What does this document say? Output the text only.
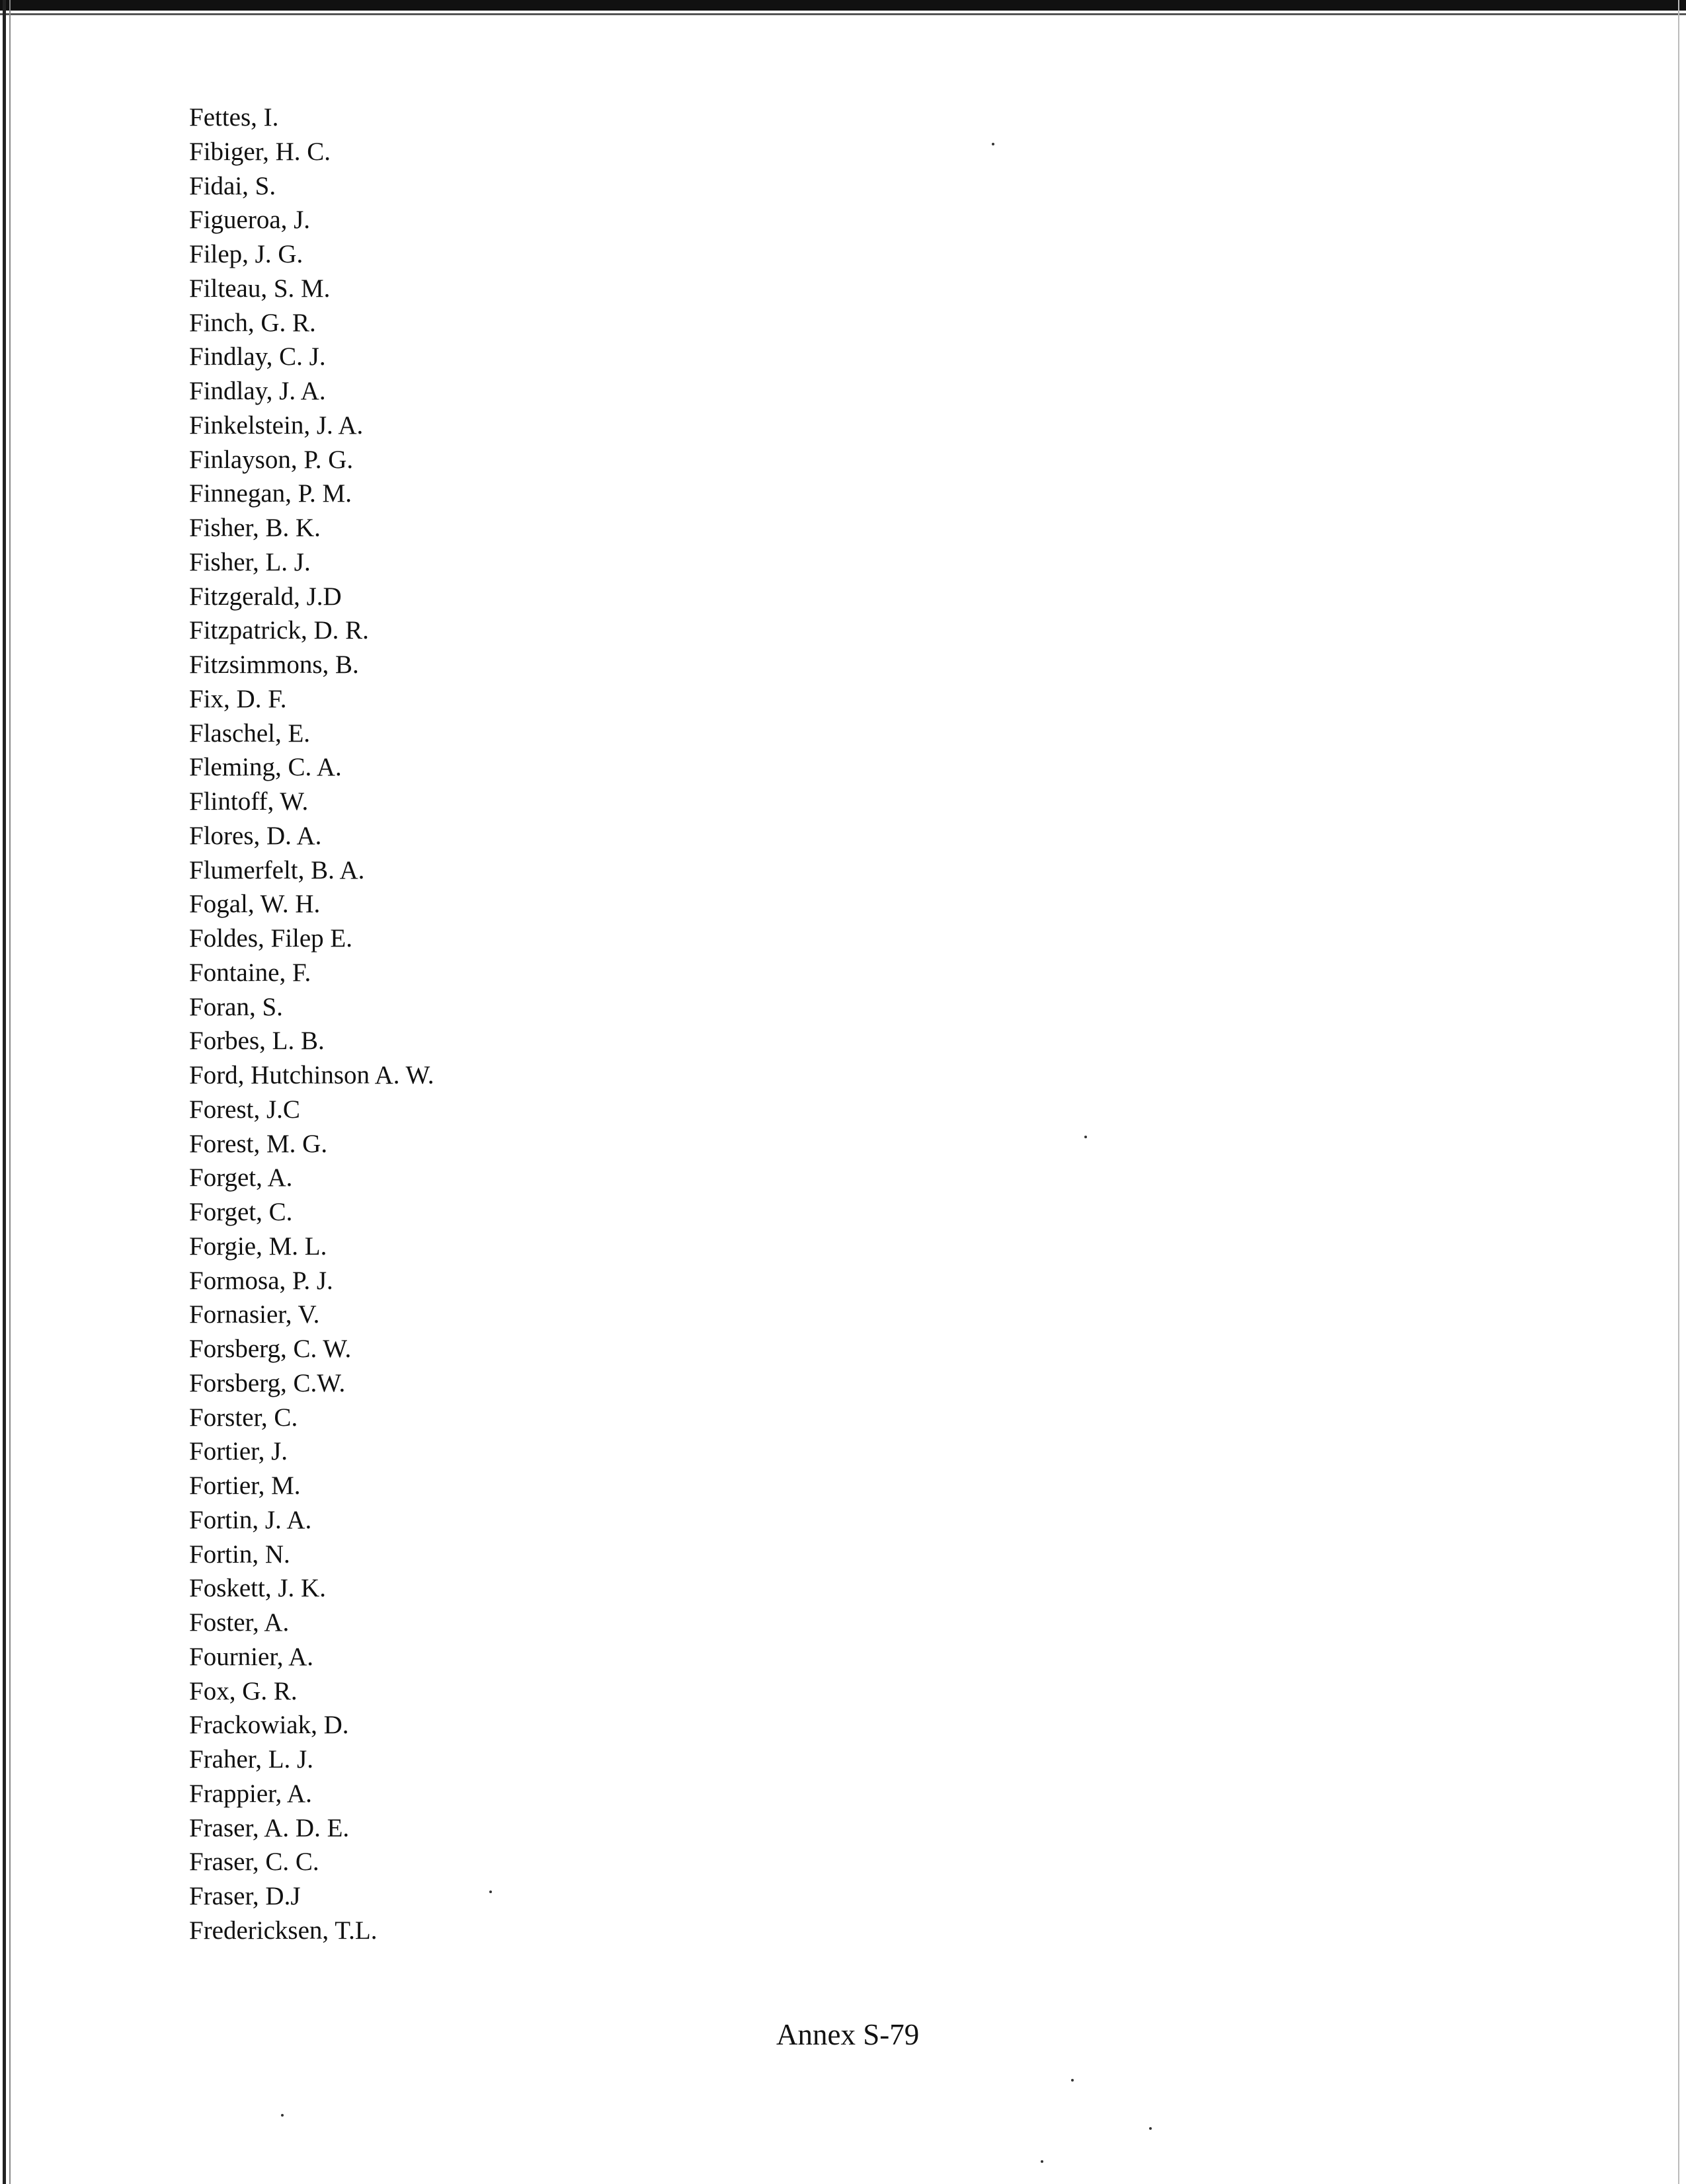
Fettes, I.
Fibiger, H. C.
Fidai, S.
Figueroa, J.
Filep, J. G.
Filteau, S. M.
Finch, G. R.
Findlay, C. J.
Findlay, J. A.
Finkelstein, J. A.
Finlayson, P. G.
Finnegan, P. M.
Fisher, B. K.
Fisher, L. J.
Fitzgerald, J.D
Fitzpatrick, D. R.
Fitzsimmons, B.
Fix, D. F.
Flaschel, E.
Fleming, C. A.
Flintoff, W.
Flores, D. A.
Flumerfelt, B. A.
Fogal, W. H.
Foldes, Filep E.
Fontaine, F.
Foran, S.
Forbes, L. B.
Ford, Hutchinson A. W.
Forest, J.C
Forest, M. G.
Forget, A.
Forget, C.
Forgie, M. L.
Formosa, P. J.
Fornasier, V.
Forsberg, C. W.
Forsberg, C.W.
Forster, C.
Fortier, J.
Fortier, M.
Fortin, J. A.
Fortin, N.
Foskett, J. K.
Foster, A.
Fournier, A.
Fox, G. R.
Frackowiak, D.
Fraher, L. J.
Frappier, A.
Fraser, A. D. E.
Fraser, C. C.
Fraser, D.J
Fredericksen, T.L.
Annex S-79
